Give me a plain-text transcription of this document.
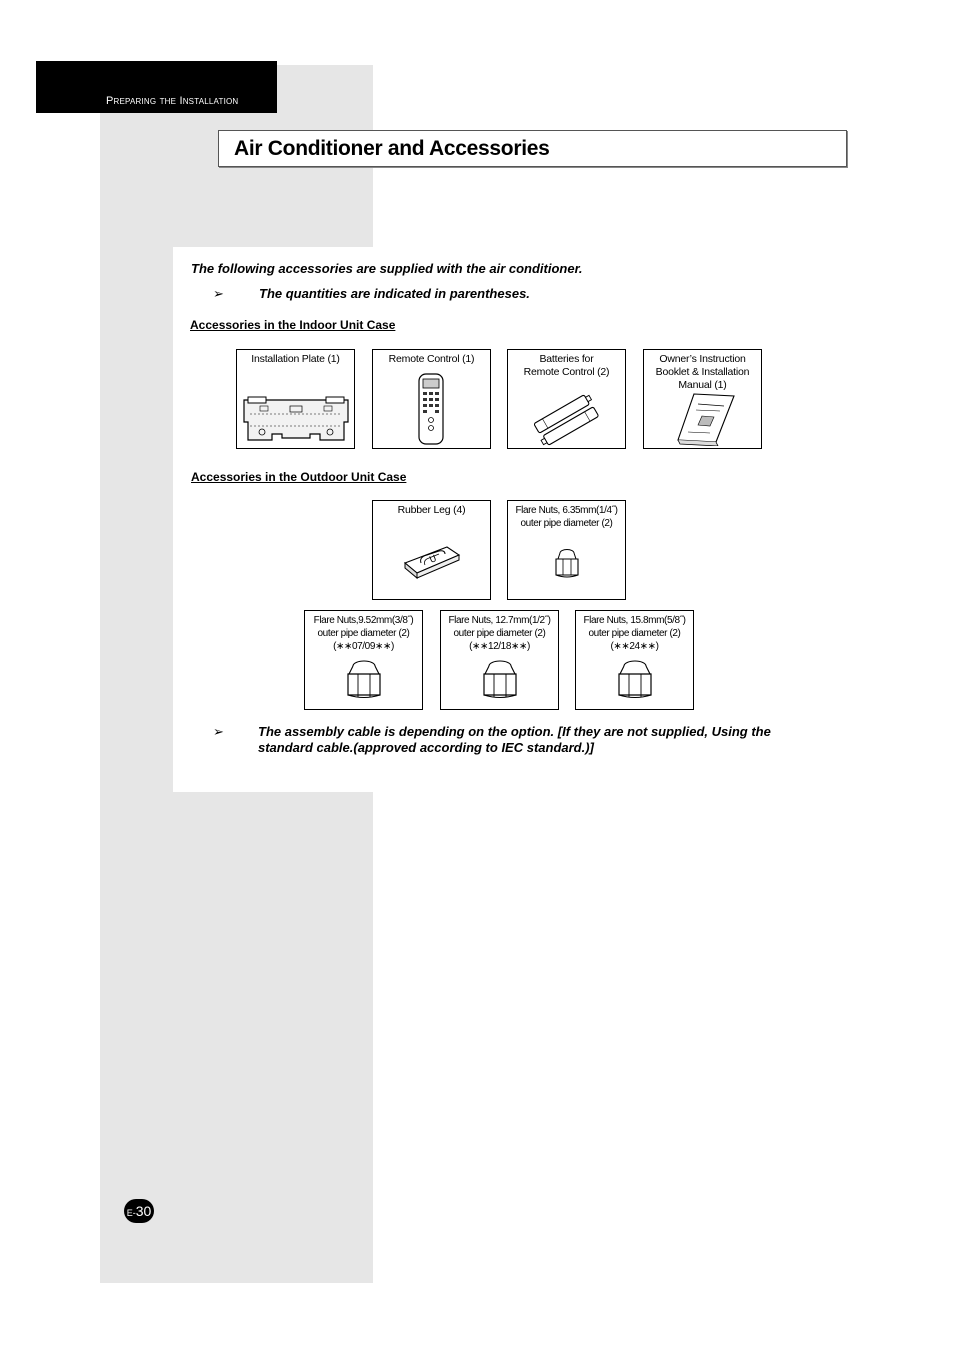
Preparing the Installation
Air Conditioner and Accessories
The following accessories are supplied with the air conditioner.
➢	The quantities are indicated in parentheses.
Accessories in the Indoor Unit Case
Installation Plate (1)	Remote Control (1)	Batteries for
Remote Control (2)
Owner’s Instruction
Booklet & Installation
Manual (1)
Accessories in the Outdoor Unit Case
Rubber Leg (4)
ᑌ
Flare Nuts, 6.35mm(1/4˝)
outer pipe diameter (2)
Flare Nuts,9.52mm(3/8˝)
outer pipe diameter (2)
(∗∗07/09∗∗)
Flare Nuts, 12.7mm(1/2˝)
outer pipe diameter (2)
(∗∗12/18∗∗)
Flare Nuts, 15.8mm(5/8˝)
outer pipe diameter (2)
(∗∗24∗∗)
➢	The assembly cable is depending on the option. [If they are not supplied, Using the
standard cable.(approved according to IEC standard.)]
E-30
